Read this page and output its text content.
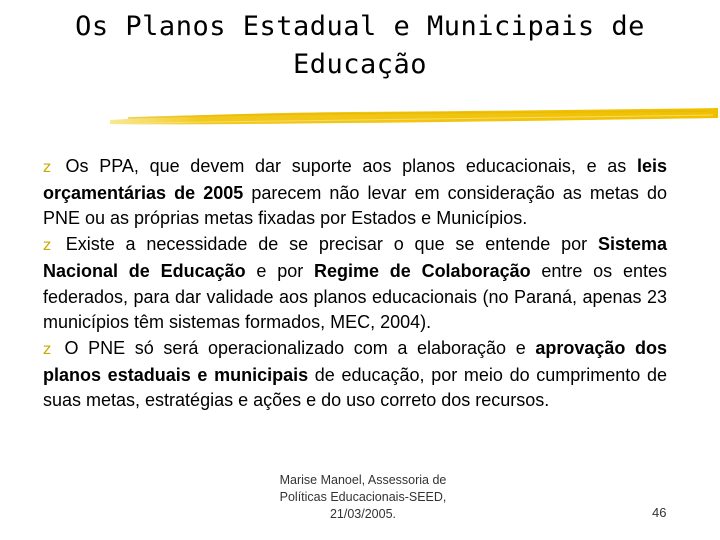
Os Planos Estadual e Municipais de
Educação

z Os PPA, que devem dar suporte aos planos educacionais, e as leis orçamentárias de 2005 parecem não levar em consideração as metas do PNE ou as próprias metas fixadas por Estados e Municípios.

z Existe a necessidade de se precisar o que se entende por Sistema Nacional de Educação e por Regime de Colaboração entre os entes federados, para dar validade aos planos educacionais (no Paraná, apenas 23 municípios têm sistemas formados, MEC, 2004).

z O PNE só será operacionalizado com a elaboração e aprovação dos planos estaduais e municipais de educação, por meio do cumprimento de suas metas, estratégias e ações e do uso correto dos recursos.

Marise Manoel, Assessoria de
Políticas Educacionais-SEED,
21/03/2005.	46
